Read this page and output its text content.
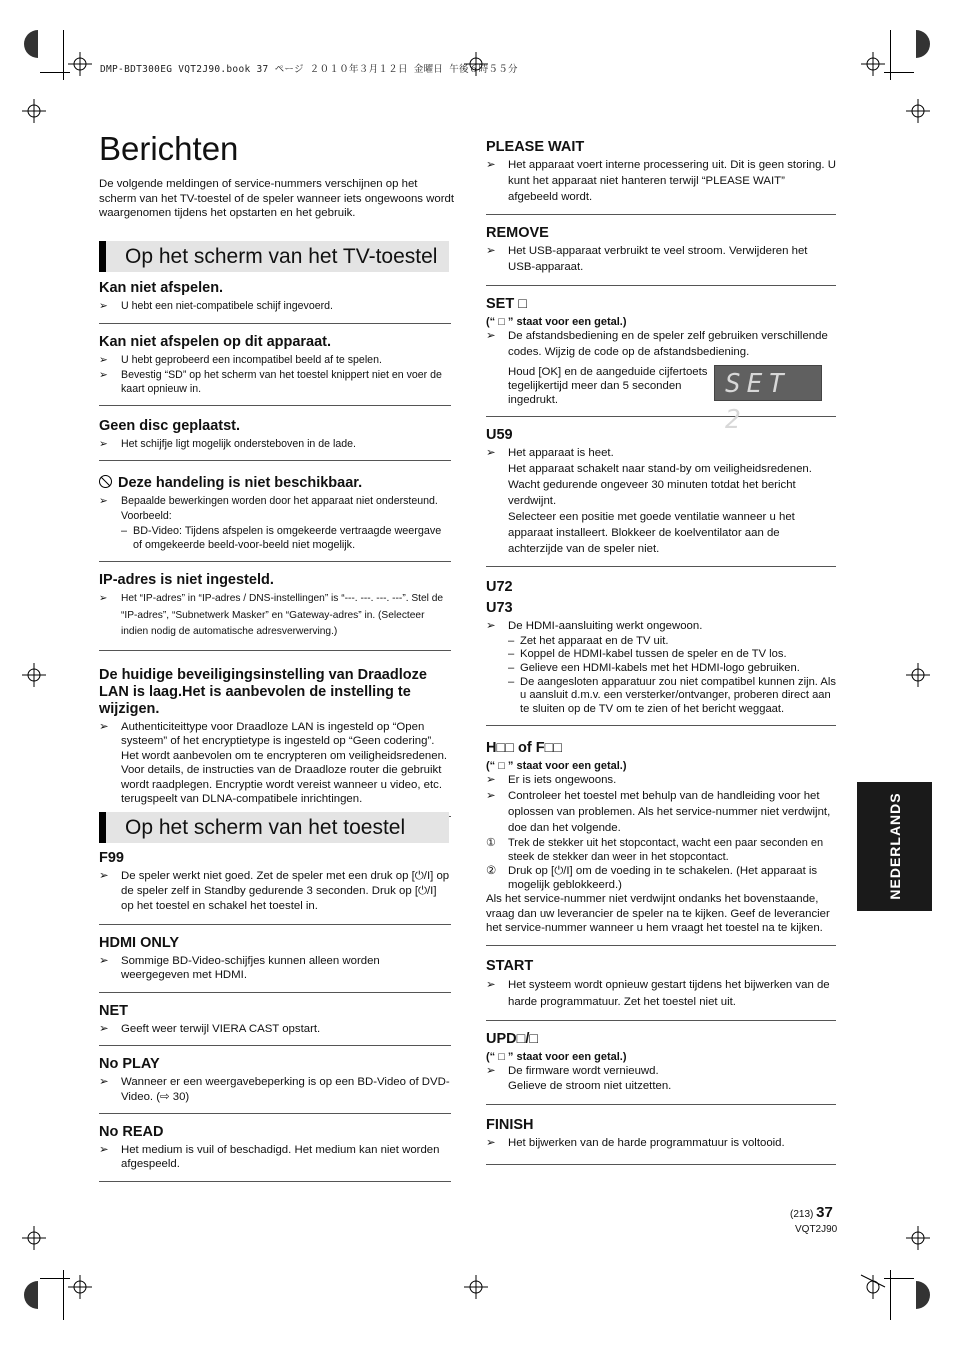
DMP-BDT300EG VQT2J90.book 37 ページ ２０１０年３月１２日 金曜日 午後６時５５分
Berichten
De volgende meldingen of service-nummers verschijnen op het scherm van het TV-toestel of de speler wanneer iets ongewoons wordt waargenomen tijdens het opstarten en het gebruik.
Op het scherm van het TV-toestel
Kan niet afspelen.
➢ U hebt een niet-compatibele schijf ingevoerd.
Kan niet afspelen op dit apparaat.
➢ U hebt geprobeerd een incompatibel beeld af te spelen.
➢ Bevestig “SD” op het scherm van het toestel knippert niet en voer de kaart opnieuw in.
Geen disc geplaatst.
➢ Het schijfje ligt mogelijk ondersteboven in de lade.
Deze handeling is niet beschikbaar.
➢ Bepaalde bewerkingen worden door het apparaat niet ondersteund. Voorbeeld:
– BD-Video: Tijdens afspelen is omgekeerde vertraagde weergave of omgekeerde beeld-voor-beeld niet mogelijk.
IP-adres is niet ingesteld.
➢ Het “IP-adres” in “IP-adres / DNS-instellingen” is “---. ---. ---. ---”. Stel de “IP-adres”, “Subnetwerk Masker” en “Gateway-adres” in. (Selecteer indien nodig de automatische adresverwerving.)
De huidige beveiligingsinstelling van Draadloze LAN is laag.Het is aanbevolen de instelling te wijzigen.
➢ Authenticiteittype voor Draadloze LAN is ingesteld op “Open systeem” of het encryptietype is ingesteld op “Geen codering”. Het wordt aanbevolen om te encrypteren om veiligheidsredenen. Voor details, de instructies van de Draadloze router die gebruikt wordt raadplegen. Encryptie wordt vereist wanneer u video, etc. terugspeelt van DLNA-compatibele inrichtingen.
Op het scherm van het toestel
F99
➢ De speler werkt niet goed. Zet de speler met een druk op [⏻/I] op de speler zelf in Standby gedurende 3 seconden. Druk op [⏻/I] op het toestel en schakel het toestel in.
HDMI ONLY
➢ Sommige BD-Video-schijfjes kunnen alleen worden weergegeven met HDMI.
NET
➢ Geeft weer terwijl VIERA CAST opstart.
No PLAY
➢ Wanneer er een weergavebeperking is op een BD-Video of DVD-Video. (⇨ 30)
No READ
➢ Het medium is vuil of beschadigd. Het medium kan niet worden afgespeeld.
PLEASE WAIT
➢ Het apparaat voert interne processering uit. Dit is geen storing. U kunt het apparaat niet hanteren terwijl “PLEASE WAIT” afgebeeld wordt.
REMOVE
➢ Het USB-apparaat verbruikt te veel stroom. Verwijderen het USB-apparaat.
SET □
(“ □ ” staat voor een getal.)
➢ De afstandsbediening en de speler zelf gebruiken verschillende codes. Wijzig de code op de afstandsbediening.
Houd [OK] en de aangeduide cijfertoets tegelijkertijd meer dan 5 seconden ingedrukt.
SET 2
U59
➢ Het apparaat is heet.
Het apparaat schakelt naar stand-by om veiligheidsredenen. Wacht gedurende ongeveer 30 minuten totdat het bericht verdwijnt.
Selecteer een positie met goede ventilatie wanneer u het apparaat installeert. Blokkeer de koelventilator aan de achterzijde van de speler niet.
U72
U73
➢ De HDMI-aansluiting werkt ongewoon.
– Zet het apparaat en de TV uit.
– Koppel de HDMI-kabel tussen de speler en de TV los.
– Gelieve een HDMI-kabels met het HDMI-logo gebruiken.
– De aangesloten apparatuur zou niet compatibel kunnen zijn. Als u aansluit d.m.v. een versterker/ontvanger, proberen direct aan te sluiten op de TV om te zien of het bericht weggaat.
H□□ of F□□
(“ □ ” staat voor een getal.)
➢ Er is iets ongewoons.
➢ Controleer het toestel met behulp van de handleiding voor het oplossen van problemen. Als het service-nummer niet verdwijnt, doe dan het volgende.
① Trek de stekker uit het stopcontact, wacht een paar seconden en steek de stekker dan weer in het stopcontact.
② Druk op [⏻/I] om de voeding in te schakelen. (Het apparaat is mogelijk geblokkeerd.)
Als het service-nummer niet verdwijnt ondanks het bovenstaande, vraag dan uw leverancier de speler na te kijken. Geef de leverancier het service-nummer wanneer u hem vraagt het toestel na te kijken.
START
➢ Het systeem wordt opnieuw gestart tijdens het bijwerken van de harde programmatuur. Zet het toestel niet uit.
UPD□/□
(“ □ ” staat voor een getal.)
➢ De firmware wordt vernieuwd.
Gelieve de stroom niet uitzetten.
FINISH
➢ Het bijwerken van de harde programmatuur is voltooid.
NEDERLANDS
(213) 37
VQT2J90
